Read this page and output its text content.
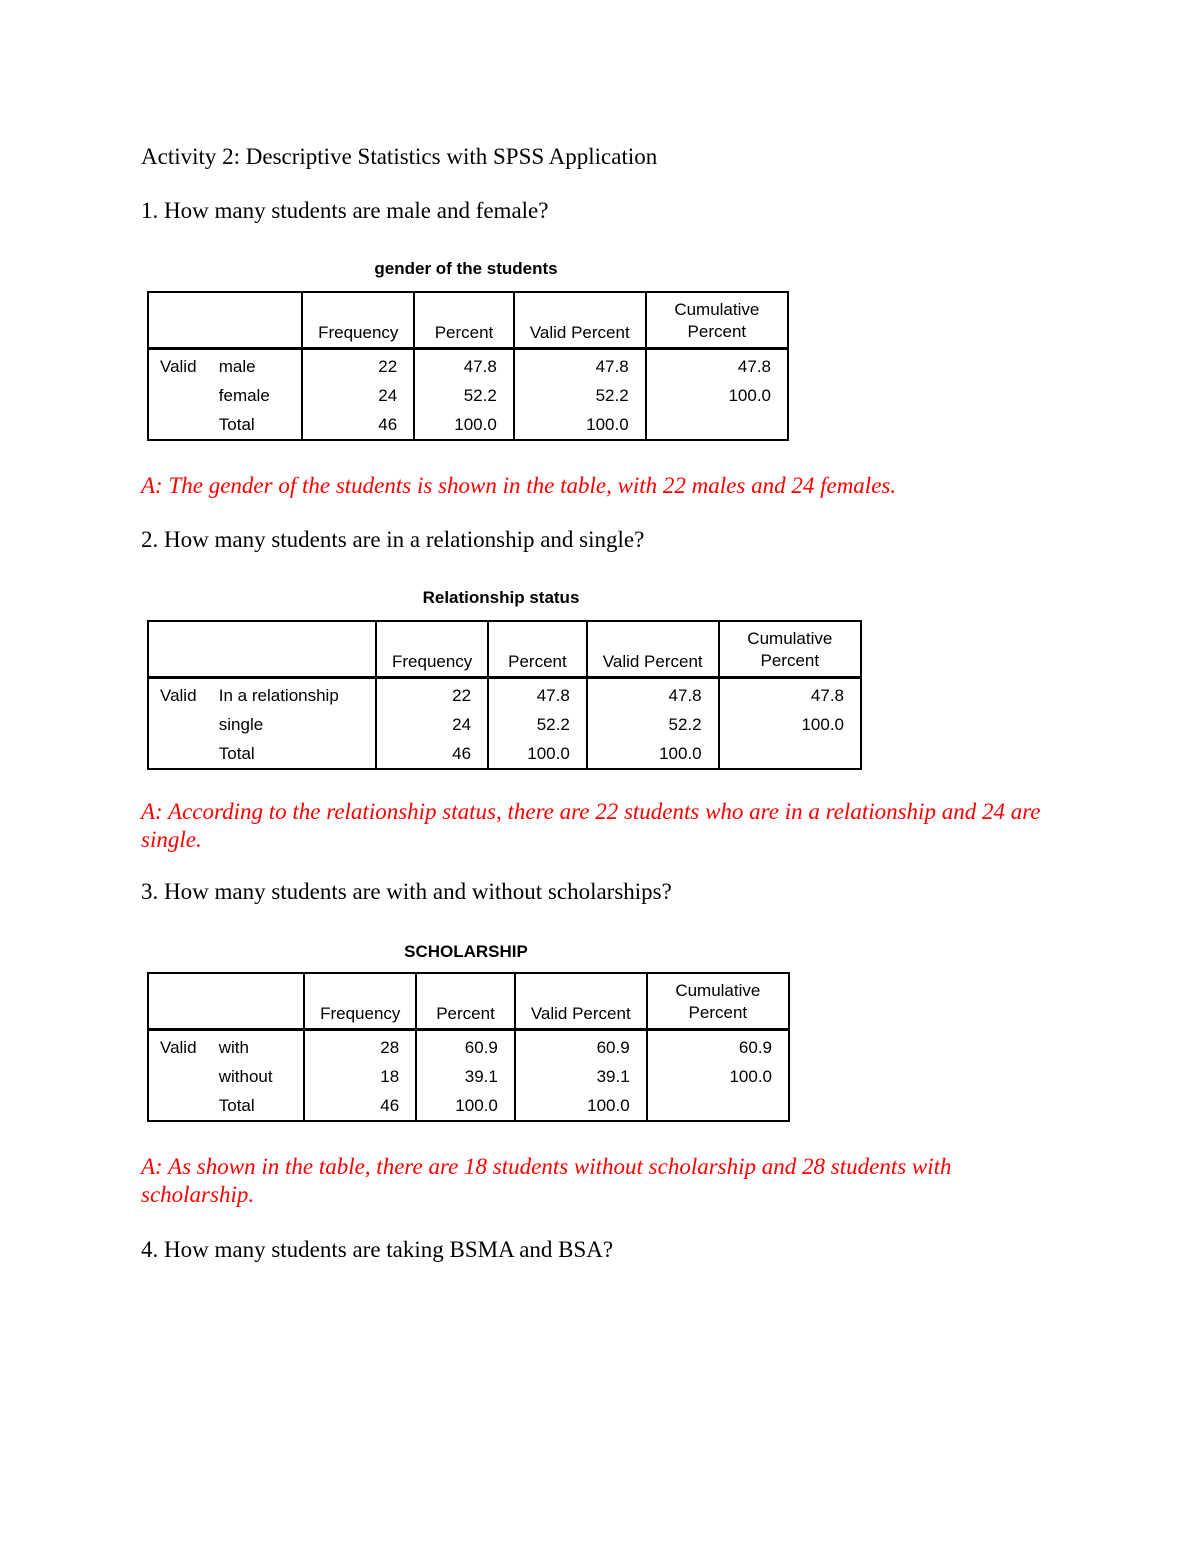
Activity 2: Descriptive Statistics with SPSS Application
1. How many students are male and female?
gender of the students
		Frequency	Percent	Valid Percent	Cumulative
Percent
Valid	male	22	47.8	47.8	47.8
	female	24	52.2	52.2	100.0
	Total	46	100.0	100.0	
A: The gender of the students is shown in the table, with 22 males and 24 females.
2. How many students are in a relationship and single?
Relationship status
		Frequency	Percent	Valid Percent	Cumulative
Percent
Valid	In a relationship	22	47.8	47.8	47.8
	single	24	52.2	52.2	100.0
	Total	46	100.0	100.0	
A: According to the relationship status, there are 22 students who are in a relationship and 24 are single.
3. How many students are with and without scholarships?
SCHOLARSHIP
		Frequency	Percent	Valid Percent	Cumulative
Percent
Valid	with	28	60.9	60.9	60.9
	without	18	39.1	39.1	100.0
	Total	46	100.0	100.0	
A: As shown in the table, there are 18 students without scholarship and 28 students with scholarship.
4. How many students are taking BSMA and BSA?
